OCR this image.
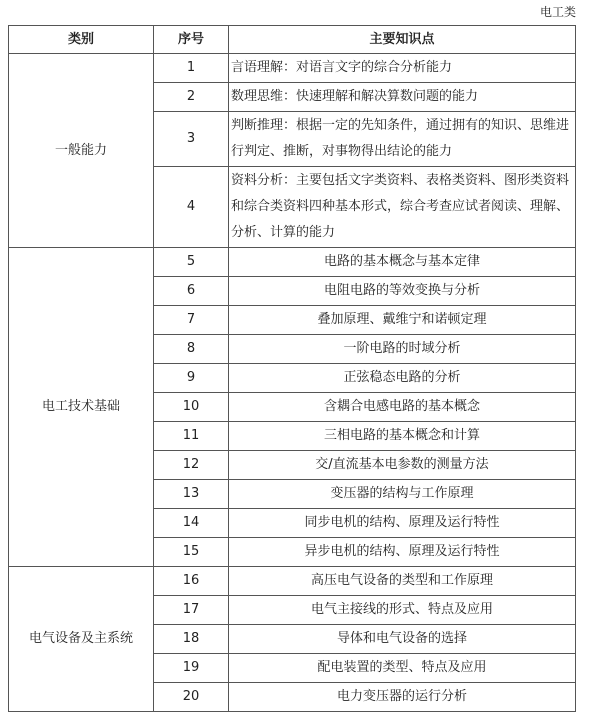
电工类
类别	序号	主要知识点
一般能力	1	言语理解：对语言文字的综合分析能力
	2	数理思维：快速理解和解决算数问题的能力
	3	判断推理：根据一定的先知条件，通过拥有的知识、思维进行判定、推断，对事物得出结论的能力
	4	资料分析：主要包括文字类资料、表格类资料、图形类资料和综合类资料四种基本形式，综合考查应试者阅读、理解、分析、计算的能力
电工技术基础	5	电路的基本概念与基本定律
	6	电阻电路的等效变换与分析
	7	叠加原理、戴维宁和诺顿定理
	8	一阶电路的时域分析
	9	正弦稳态电路的分析
	10	含耦合电感电路的基本概念
	11	三相电路的基本概念和计算
	12	交/直流基本电参数的测量方法
	13	变压器的结构与工作原理
	14	同步电机的结构、原理及运行特性
	15	异步电机的结构、原理及运行特性
电气设备及主系统	16	高压电气设备的类型和工作原理
	17	电气主接线的形式、特点及应用
	18	导体和电气设备的选择
	19	配电装置的类型、特点及应用
	20	电力变压器的运行分析
